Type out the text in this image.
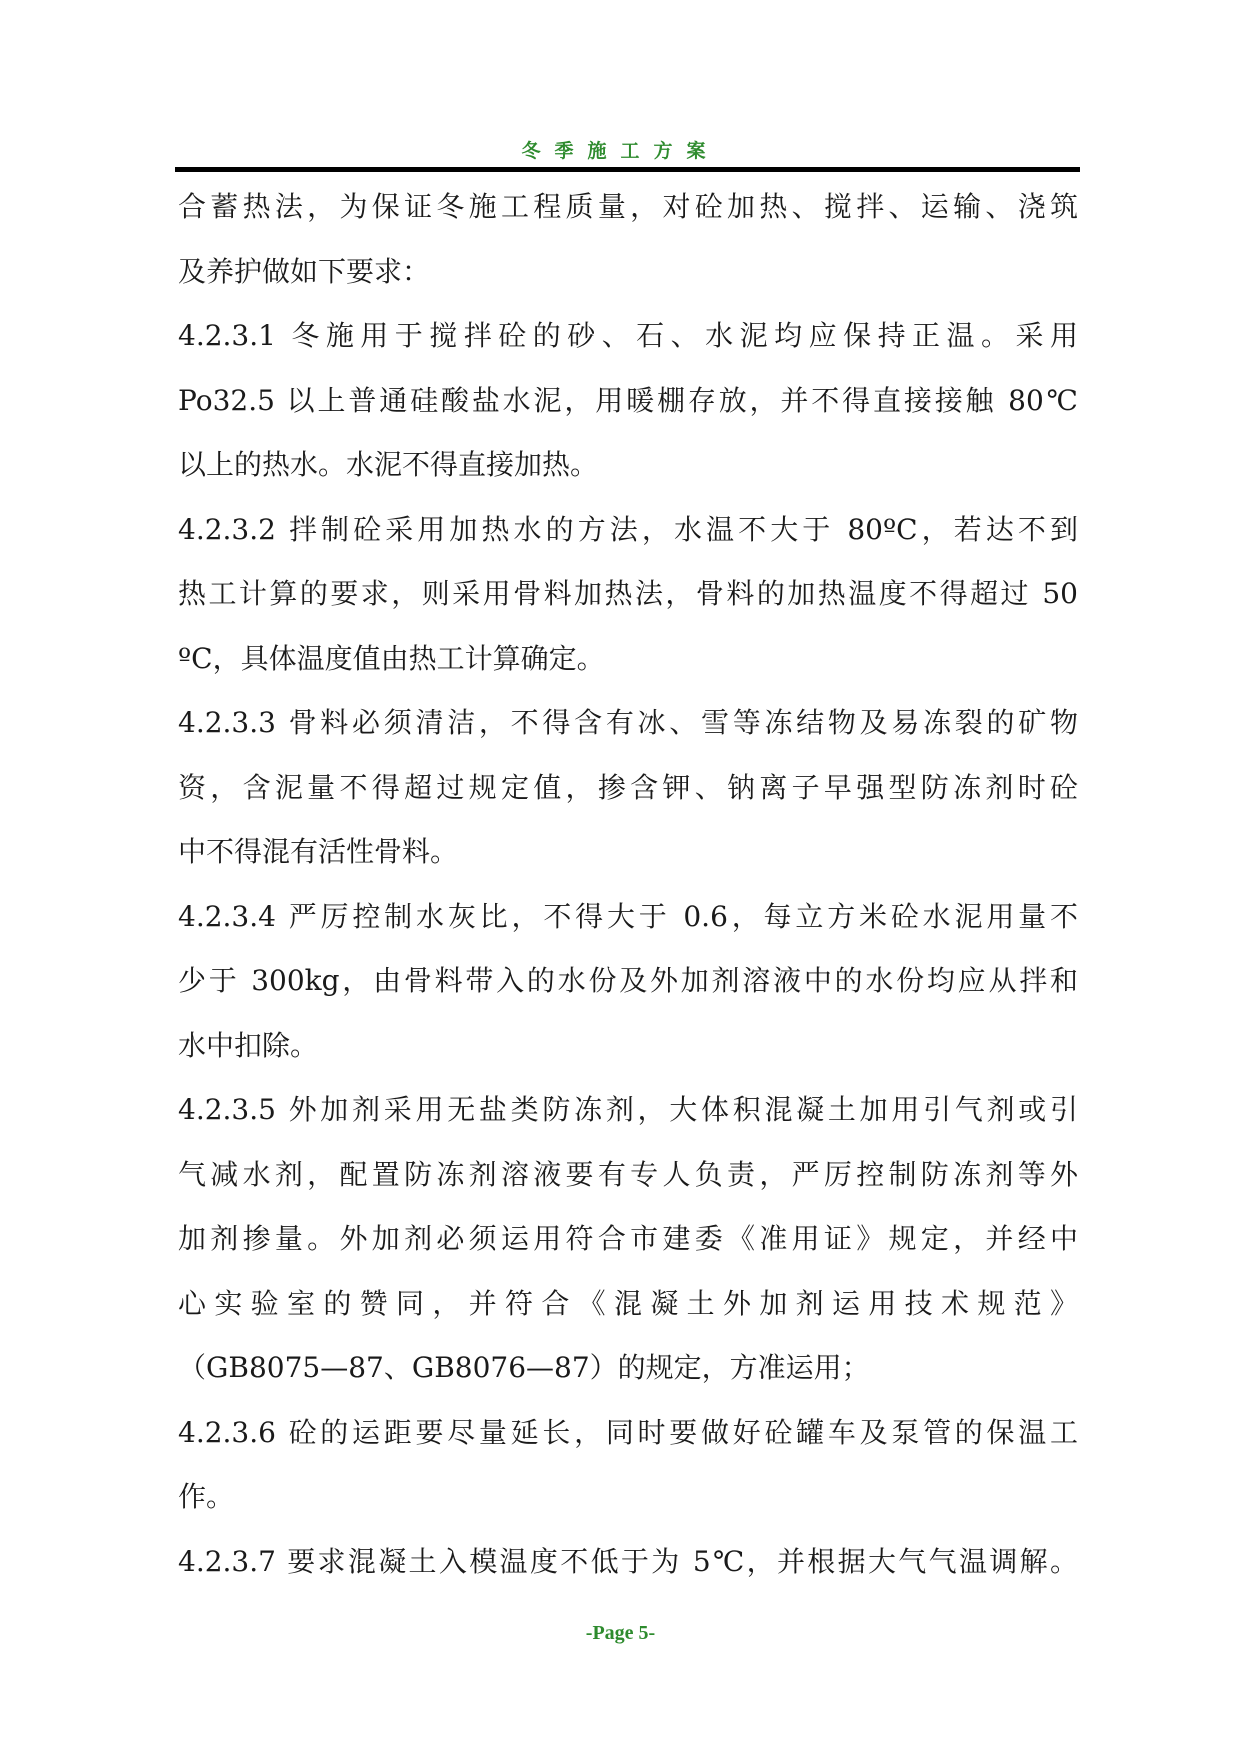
冬季施工方案
合蓄热法，为保证冬施工程质量，对砼加热、搅拌、运输、浇筑
及养护做如下要求：
4.2.3.1 冬施用于搅拌砼的砂、石、水泥均应保持正温。采用
Po32.5 以上普通硅酸盐水泥，用暖棚存放，并不得直接接触 80℃
以上的热水。水泥不得直接加热。
4.2.3.2 拌制砼采用加热水的方法，水温不大于 80ºC，若达不到
热工计算的要求，则采用骨料加热法，骨料的加热温度不得超过 50
ºC，具体温度值由热工计算确定。
4.2.3.3 骨料必须清洁，不得含有冰、雪等冻结物及易冻裂的矿物
资，含泥量不得超过规定值，掺含钾、钠离子早强型防冻剂时砼
中不得混有活性骨料。
4.2.3.4 严厉控制水灰比，不得大于 0.6，每立方米砼水泥用量不
少于 300kg，由骨料带入的水份及外加剂溶液中的水份均应从拌和
水中扣除。
4.2.3.5 外加剂采用无盐类防冻剂，大体积混凝土加用引气剂或引
气减水剂，配置防冻剂溶液要有专人负责，严厉控制防冻剂等外
加剂掺量。外加剂必须运用符合市建委《准用证》规定，并经中
心实验室的赞同，并符合《混凝土外加剂运用技术规范》
（GB8075—87、GB8076—87）的规定，方准运用；
4.2.3.6 砼的运距要尽量延长，同时要做好砼罐车及泵管的保温工
作。
4.2.3.7 要求混凝土入模温度不低于为 5℃，并根据大气气温调解。
-Page 5-
